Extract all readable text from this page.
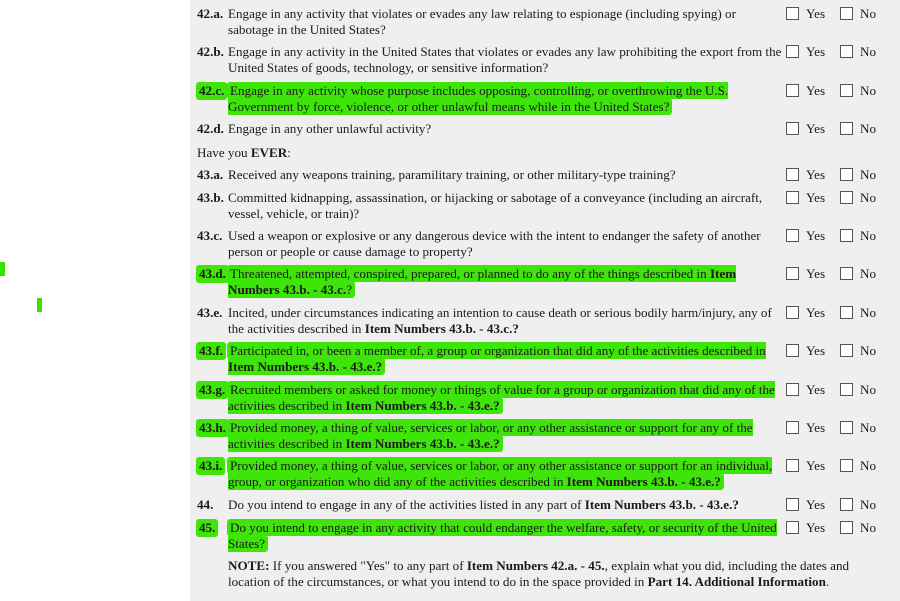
Have you EVER:
NOTE: If you answered "Yes" to any part of Item Numbers 42.a. - 45., explain what you did, including the dates and location of the circumstances, or what you intend to do in the space provided in Part 14. Additional Information.
42.a. Engage in any activity that violates or evades any law relating to espionage (including spying) or sabotage in the United States?
Yes	No
42.b. Engage in any activity in the United States that violates or evades any law prohibiting the export from the United States of goods, technology, or sensitive information?
Yes	No
42.c. Engage in any activity whose purpose includes opposing, controlling, or overthrowing the U.S. Government by force, violence, or other unlawful means while in the United States?
Yes	No
42.d. Engage in any other unlawful activity?	Yes	No
43.a. Received any weapons training, paramilitary training, or other military-type training?	Yes	No
43.b. Committed kidnapping, assassination, or hijacking or sabotage of a conveyance (including an aircraft, vessel, vehicle, or train)?
Yes	No
43.c. Used a weapon or explosive or any dangerous device with the intent to endanger the safety of another person or people or cause damage to property?
Yes	No
43.d. Threatened, attempted, conspired, prepared, or planned to do any of the things described in Item Numbers 43.b. - 43.c.?
Yes	No
43.e. Incited, under circumstances indicating an intention to cause death or serious bodily harm/injury, any of the activities described in Item Numbers 43.b. - 43.c.?
Yes	No
43.f. Participated in, or been a member of, a group or organization that did any of the activities described in Item Numbers 43.b. - 43.e.?
Yes	No
43.g. Recruited members or asked for money or things of value for a group or organization that did any of the activities described in Item Numbers 43.b. - 43.e.?
Yes	No
43.h. Provided money, a thing of value, services or labor, or any other assistance or support for any of the activities described in Item Numbers 43.b. - 43.e.?
Yes	No
43.i. Provided money, a thing of value, services or labor, or any other assistance or support for an individual, group, or organization who did any of the activities described in Item Numbers 43.b. - 43.e.?
Yes	No
44. Do you intend to engage in any of the activities listed in any part of Item Numbers 43.b. - 43.e.?	Yes	No
45. Do you intend to engage in any activity that could endanger the welfare, safety, or security of the United States?
Yes	No
